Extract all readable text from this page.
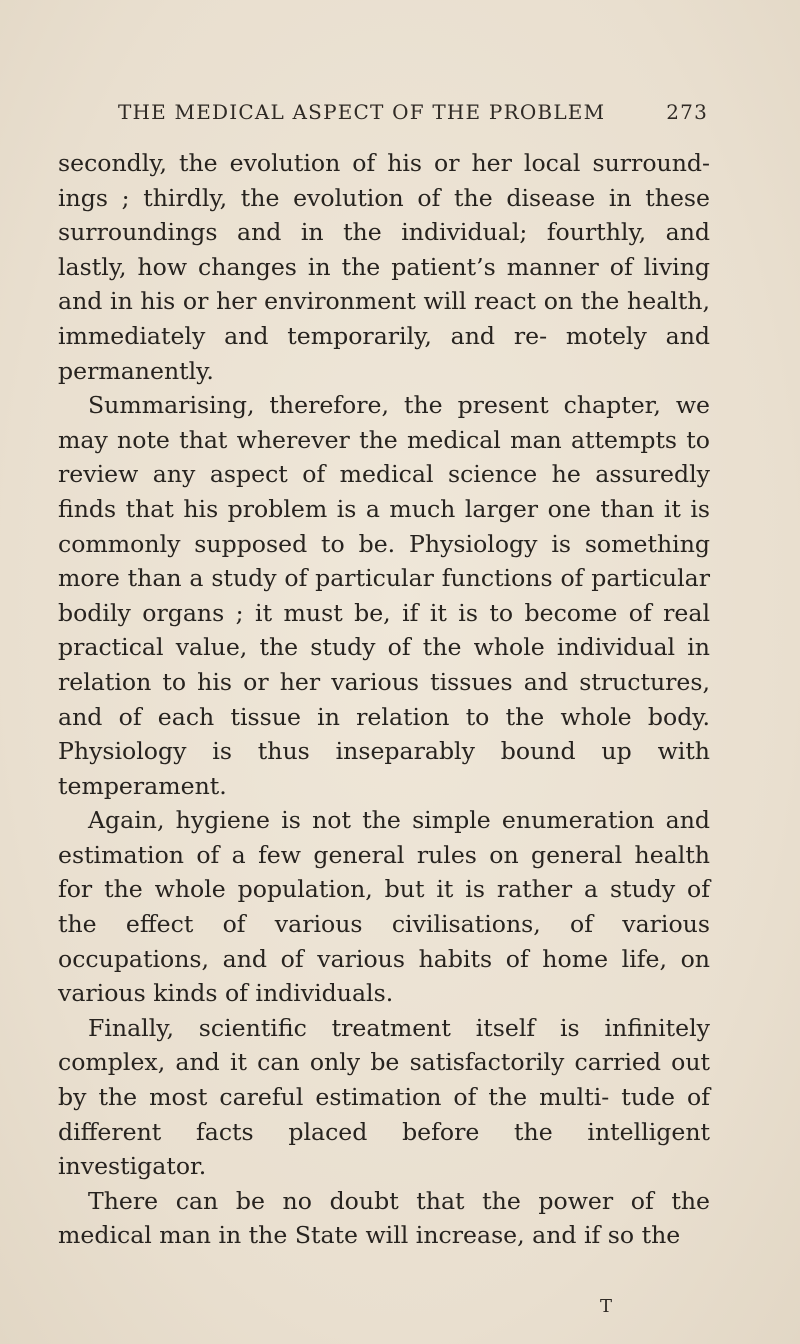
THE MEDICAL ASPECT OF THE PROBLEM	273

secondly, the evolution of his or her local surround- ings ; thirdly, the evolution of the disease in these surroundings and in the individual; fourthly, and lastly, how changes in the patient’s manner of living and in his or her environment will react on the health, immediately and temporarily, and re- motely and permanently.

Summarising, therefore, the present chapter, we may note that wherever the medical man attempts to review any aspect of medical science he assuredly finds that his problem is a much larger one than it is commonly supposed to be. Physiology is something more than a study of particular functions of particular bodily organs ; it must be, if it is to become of real practical value, the study of the whole individual in relation to his or her various tissues and structures, and of each tissue in relation to the whole body. Physiology is thus inseparably bound up with temperament.

Again, hygiene is not the simple enumeration and estimation of a few general rules on general health for the whole population, but it is rather a study of the effect of various civilisations, of various occupations, and of various habits of home life, on various kinds of individuals.

Finally, scientific treatment itself is infinitely complex, and it can only be satisfactorily carried out by the most careful estimation of the multi- tude of different facts placed before the intelligent investigator.

There can be no doubt that the power of the medical man in the State will increase, and if so the

T
